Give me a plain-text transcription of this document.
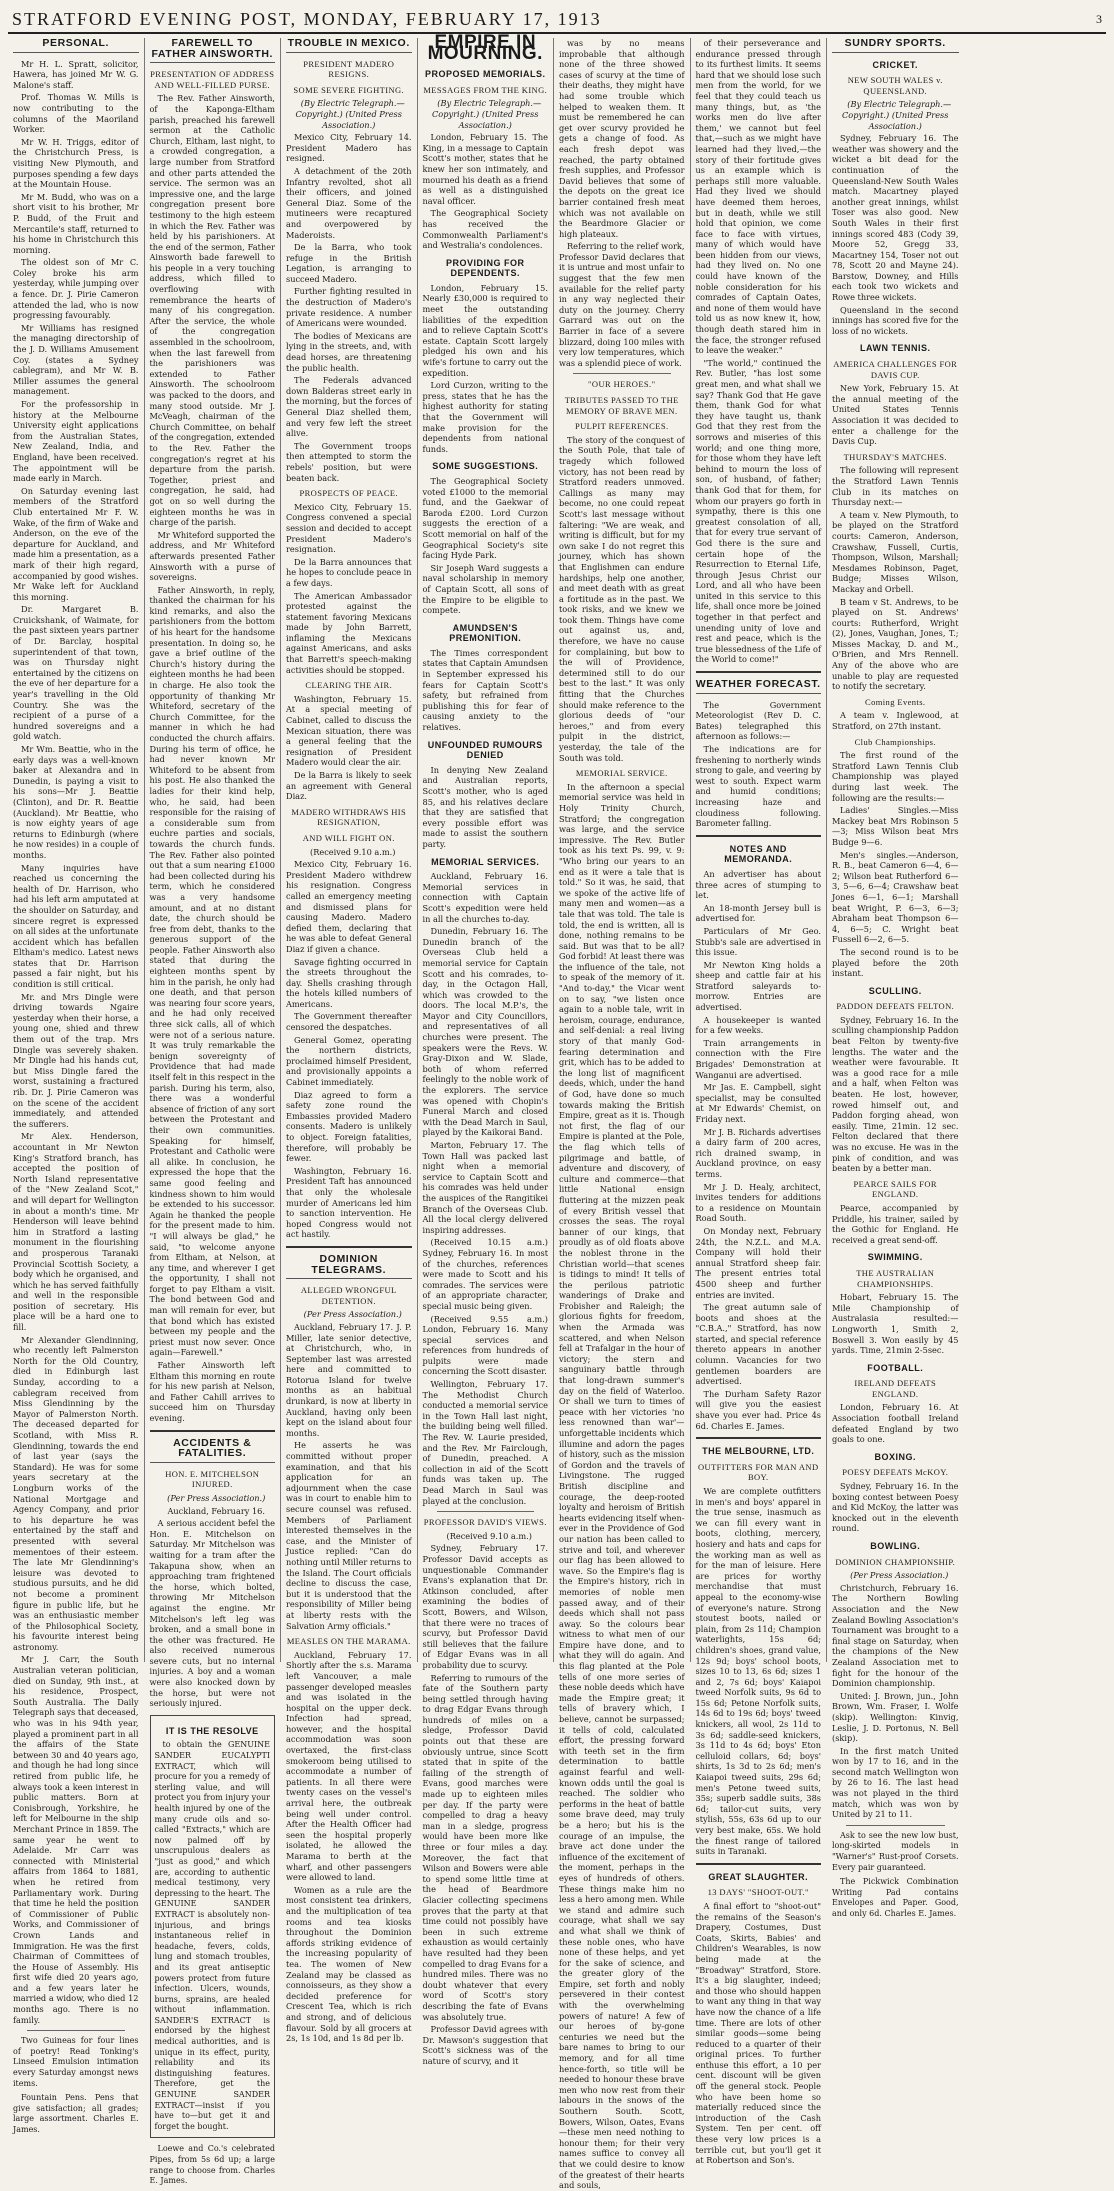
STRATFORD EVENING POST, MONDAY, FEBRUARY 17, 1913	3
PERSONAL.

Mr H. L. Spratt, solicitor, Hawera, has joined Mr W. G. Malone's staff.

Prof. Thomas W. Mills is now contributing to the columns of the Maoriland Worker.

Mr W. H. Triggs, editor of the Christchurch Press, is visiting New Plymouth, and purposes spending a few days at the Mountain House.

Mr M. Budd, who was on a short visit to his brother, Mr P. Budd, of the Fruit and Mercantile's staff, returned to his home in Christchurch this morning.

The oldest son of Mr C. Coley broke his arm yesterday, while jumping over a fence. Dr. J. Pirie Cameron attended the lad, who is now progressing favourably.

Mr Williams has resigned the managing directorship of the J. D. Williams Amusement Coy. (states a Sydney cablegram), and Mr W. B. Miller assumes the general management.

For the professorship in history at the Melbourne University eight applications from the Australian States, New Zealand, India, and England, have been received. The appointment will be made early in March.

On Saturday evening last members of the Stratford Club entertained Mr F. W. Wake, of the firm of Wake and Anderson, on the eve of the departure for Auckland, and made him a presentation, as a mark of their high regard, accompanied by good wishes. Mr Wake left for Auckland this morning.

Dr. Margaret B. Cruickshank, of Waimate, for the past sixteen years partner of Dr. Barclay, hospital superintendent of that town, was on Thursday night entertained by the citizens on the eve of her departure for a year's travelling in the Old Country. She was the recipient of a purse of a hundred sovereigns and a gold watch.

Mr Wm. Beattie, who in the early days was a well-known baker at Alexandra and in Dunedin, is paying a visit to his sons—Mr J. Beattie (Clinton), and Dr. R. Beattie (Auckland). Mr Beattie, who is now eighty years of age returns to Edinburgh (where he now resides) in a couple of months.

Many inquiries have reached us concerning the health of Dr. Harrison, who had his left arm amputated at the shoulder on Saturday, and sincere regret is expressed on all sides at the unfortunate accident which has befallen Eltham's medico. Latest news states that Dr. Harrison passed a fair night, but his condition is still critical.

Mr. and Mrs Dingle were driving towards Ngaire yesterday when their horse, a young one, shied and threw them out of the trap. Mrs Dingle was severely shaken. Mr Dingle had his hands cut, but Miss Dingle fared the worst, sustaining a fractured rib. Dr. J. Pirie Cameron was on the scene of the accident immediately, and attended the sufferers.

Mr Alex. Henderson, accountant in Mr Newton King's Stratford branch, has accepted the position of North Island representative of the "New Zealand Scot," and will depart for Wellington in about a month's time. Mr Henderson will leave behind him in Stratford a lasting monument in the flourishing and prosperous Taranaki Provincial Scottish Society, a body which he organised, and which he has served faithfully and well in the responsible position of secretary. His place will be a hard one to fill.

Mr Alexander Glendinning, who recently left Palmerston North for the Old Country, died in Edinburgh last Sunday, according to a cablegram received from Miss Glendinning by the Mayor of Palmerston North. The deceased departed for Scotland, with Miss R. Glendinning, towards the end of last year (says the Standard). He was for some years secretary at the Longburn works of the National Mortgage and Agency Company, and prior to his departure he was entertained by the staff and presented with several mementoes of their esteem. The late Mr Glendinning's leisure was devoted to studious pursuits, and he did not become a prominent figure in public life, but he was an enthusiastic member of the Philosophical Society, his favourite interest being astronomy.

Mr J. Carr, the South Australian veteran politician, died on Sunday, 9th inst., at his residence, Prospect, South Australia. The Daily Telegraph says that deceased, who was in his 94th year, played a prominent part in all the affairs of the State between 30 and 40 years ago, and though he had long since retired from public life, he always took a keen interest in public matters. Born at Conisbrough, Yorkshire, he left for Melbourne in the ship Merchant Prince in 1859. The same year he went to Adelaide. Mr Carr was connected with Ministerial affairs from 1864 to 1881, when he retired from Parliamentary work. During that time he held the position of Commissioner of Public Works, and Commissioner of Crown Lands and Immigration. He was the first Chairman of Committees of the House of Assembly. His first wife died 20 years ago, and a few years later he married a widow, who died 12 months ago. There is no family.

Two Guineas for four lines of poetry! Read Tonking's Linseed Emulsion intimation every Saturday amongst news items.

Fountain Pens. Pens that give satisfaction; all grades; large assortment. Charles E. James.

FAREWELL TO FATHER AINSWORTH.
PRESENTATION OF ADDRESS AND WELL-FILLED PURSE.

The Rev. Father Ainsworth, of the Kaponga-Eltham parish, preached his farewell sermon at the Catholic Church, Eltham, last night, to a crowded congregation, a large number from Stratford and other parts attended the service. The sermon was an impressive one, and the large congregation present bore testimony to the high esteem in which the Rev. Father was held by his parishioners. At the end of the sermon, Father Ainsworth bade farewell to his people in a very touching address, which filled to overflowing with remembrance the hearts of many of his congregation. After the service, the whole of the congregation assembled in the schoolroom, when the last farewell from the parishioners was extended to Father Ainsworth. The schoolroom was packed to the doors, and many stood outside. Mr J. McVeagh, chairman of the Church Committee, on behalf of the congregation, extended to the Rev. Father the congregation's regret at his departure from the parish. Together, priest and congregation, he said, had got on so well during the eighteen months he was in charge of the parish.

Mr Whiteford supported the address, and Mr Whiteford afterwards presented Father Ainsworth with a purse of sovereigns.

Father Ainsworth, in reply, thanked the chairman for his kind remarks, and also the parishioners from the bottom of his heart for the handsome presentation. In doing so, he gave a brief outline of the Church's history during the eighteen months he had been in charge. He also took the opportunity of thanking Mr Whiteford, secretary of the Church Committee, for the manner in which he had conducted the church affairs. During his term of office, he had never known Mr Whiteford to be absent from his post. He also thanked the ladies for their kind help, who, he said, had been responsible for the raising of a considerable sum from euchre parties and socials, towards the church funds. The Rev. Father also pointed out that a sum nearing £1000 had been collected during his term, which he considered was a very handsome amount, and at no distant date, the church should be free from debt, thanks to the generous support of the people. Father Ainsworth also stated that during the eighteen months spent by him in the parish, he only had one death, and that person was nearing four score years, and he had only received three sick calls, all of which were not of a serious nature. It was truly remarkable the benign sovereignty of Providence that had made itself felt in this respect in the parish. During his term, also, there was a wonderful absence of friction of any sort between the Protestant and their own communities. Speaking for himself, Protestant and Catholic were all alike. In conclusion, he expressed the hope that the same good feeling and kindness shown to him would be extended to his successor. Again he thanked the people for the present made to him. "I will always be glad," he said, "to welcome anyone from Eltham, at Nelson, at any time, and wherever I get the opportunity, I shall not forget to pay Eltham a visit. The bond between God and man will remain for ever, but that bond which has existed between my people and the priest must now sever. Once again—Farewell."

Father Ainsworth left Eltham this morning en route for his new parish at Nelson, and Father Cahill arrives to succeed him on Thursday evening.

ACCIDENTS & FATALITIES.
HON. E. MITCHELSON INJURED.

(Per Press Association.)

Auckland, February 16.

A serious accident befel the Hon. E. Mitchelson on Saturday. Mr Mitchelson was waiting for a tram after the Takapuna show, when an approaching tram frightened the horse, which bolted, throwing Mr Mitchelson against the engine. Mr Mitchelson's left leg was broken, and a small bone in the other was fractured. He also received numerous severe cuts, but no internal injuries. A boy and a woman were also knocked down by the horse, but were not seriously injured.

IT IS THE RESOLVE

to obtain the GENUINE SANDER EUCALYPTI EXTRACT, which will procure for you a remedy of sterling value, and will protect you from injury your health injured by one of the many crude oils and so-called "Extracts," which are now palmed off by unscrupulous dealers as "just as good," and which are, according to authentic medical testimony, very depressing to the heart. The GENUINE SANDER EXTRACT is absolutely non-injurious, and brings instantaneous relief in headache, fevers, colds, lung and stomach troubles, and its great antiseptic powers protect from future infection. Ulcers, wounds, burns, sprains, are healed without inflammation. SANDER'S EXTRACT is endorsed by the highest medical authorities, and is unique in its effect, purity, reliability and its distinguishing features. Therefore, get the GENUINE SANDER EXTRACT—insist if you have to—but get it and forget the bought.

Loewe and Co.'s celebrated Pipes, from 5s 6d up; a large range to choose from. Charles E. James.

TROUBLE IN MEXICO.
PRESIDENT MADERO RESIGNS.
SOME SEVERE FIGHTING.

(By Electric Telegraph.—Copyright.) (United Press Association.)

Mexico City, February 14. President Madero has resigned.

A detachment of the 20th Infantry revolted, shot all their officers, and joined General Diaz. Some of the mutineers were recaptured and overpowered by Maderoists.

De la Barra, who took refuge in the British Legation, is arranging to succeed Madero.

Further fighting resulted in the destruction of Madero's private residence. A number of Americans were wounded.

The bodies of Mexicans are lying in the streets, and, with dead horses, are threatening the public health.

The Federals advanced down Balderas street early in the morning, but the forces of General Diaz shelled them, and very few left the street alive.

The Government troops then attempted to storm the rebels' position, but were beaten back.

PROSPECTS OF PEACE.

Mexico City, February 15. Congress convened a special session and decided to accept President Madero's resignation.

De la Barra announces that he hopes to conclude peace in a few days.

The American Ambassador protested against the statement favoring Mexicans made by John Barrett, inflaming the Mexicans against Americans, and asks that Barrett's speech-making activities should be stopped.

CLEARING THE AIR.

Washington, February 15. At a special meeting of Cabinet, called to discuss the Mexican situation, there was a general feeling that the resignation of President Madero would clear the air.

De la Barra is likely to seek an agreement with General Diaz.

MADERO WITHDRAWS HIS RESIGNATION,
AND WILL FIGHT ON.

(Received 9.10 a.m.)

Mexico City, February 16. President Madero withdrew his resignation. Congress called an emergency meeting and dismissed plans for causing Madero. Madero defied them, declaring that he was able to defeat General Diaz if given a chance.

Savage fighting occurred in the streets throughout the day. Shells crashing through the hotels killed numbers of Americans.

The Government thereafter censored the despatches.

General Gomez, operating the northern districts, proclaimed himself President, and provisionally appoints a Cabinet immediately.

Diaz agreed to form a safety zone round the Embassies provided Madero consents. Madero is unlikely to object. Foreign fatalities, therefore, will probably be fewer.

Washington, February 16. President Taft has announced that only the wholesale murder of Americans led him to sanction intervention. He hoped Congress would not act hastily.

DOMINION TELEGRAMS.
ALLEGED WRONGFUL DETENTION.

(Per Press Association.)

Auckland, February 17. J. P. Miller, late senior detective, at Christchurch, who, in September last was arrested here and committed to Rotorua Island for twelve months as an habitual drunkard, is now at liberty in Auckland, having only been kept on the island about four months.

He asserts he was committed without proper examination, and that his application for an adjournment when the case was in court to enable him to secure counsel was refused. Members of Parliament interested themselves in the case, and the Minister of Justice replied: "Can do nothing until Miller returns to the Island. The Court officials decline to discuss the case, but it is understood that the responsibility of Miller being at liberty rests with the Salvation Army officials."

MEASLES ON THE MARAMA.

Auckland, February 17. Shortly after the s.s. Marama left Vancouver, a male passenger developed measles and was isolated in the hospital on the upper deck. Infection had spread, however, and the hospital accommodation was soon overtaxed, the first-class smokeroom being utilised to accommodate a number of patients. In all there were twenty cases on the vessel's arrival here, the outbreak being well under control. After the Health Officer had seen the hospital properly isolated, he allowed the Marama to berth at the wharf, and other passengers were allowed to land.

Women as a rule are the most consistent tea drinkers, and the multiplication of tea rooms and tea kiosks throughout the Dominion affords striking evidence of the increasing popularity of tea. The women of New Zealand may be classed as connoisseurs, as they show a decided preference for Crescent Tea, which is rich and strong, and of delicious flavour. Sold by all grocers at 2s, 1s 10d, and 1s 8d per lb.

EMPIRE IN MOURNING.
PROPOSED MEMORIALS.
MESSAGES FROM THE KING.

(By Electric Telegraph.—Copyright.) (United Press Association.)

London, February 15. The King, in a message to Captain Scott's mother, states that he knew her son intimately, and mourned his death as a friend as well as a distinguished naval officer.

The Geographical Society has received the Commonwealth Parliament's and Westralia's condolences.

PROVIDING FOR DEPENDENTS.

London, February 15. Nearly £30,000 is required to meet the outstanding liabilities of the expedition and to relieve Captain Scott's estate. Captain Scott largely pledged his own and his wife's fortune to carry out the expedition.

Lord Curzon, writing to the press, states that he has the highest authority for stating that the Government will make provision for the dependents from national funds.

SOME SUGGESTIONS.

The Geographical Society voted £1000 to the memorial fund, and the Gaekwar of Baroda £200. Lord Curzon suggests the erection of a Scott memorial on half of the Geographical Society's site facing Hyde Park.

Sir Joseph Ward suggests a naval scholarship in memory of Captain Scott, all sons of the Empire to be eligible to compete.

AMUNDSEN'S PREMONITION.

The Times correspondent states that Captain Amundsen in September expressed his fears for Captain Scott's safety, but refrained from publishing this for fear of causing anxiety to the relatives.

UNFOUNDED RUMOURS DENIED

In denying New Zealand and Australian reports, Scott's mother, who is aged 85, and his relatives declare that they are satisfied that every possible effort was made to assist the southern party.

MEMORIAL SERVICES.

Auckland, February 16. Memorial services in connection with Captain Scott's expedition were held in all the churches to-day.

Dunedin, February 16. The Dunedin branch of the Overseas Club held a memorial service for Captain Scott and his comrades, to-day, in the Octagon Hall, which was crowded to the doors. The local M.P.'s, the Mayor and City Councillors, and representatives of all churches were present. The speakers were the Revs. W. Gray-Dixon and W. Slade, both of whom referred feelingly to the noble work of the explorers. The service was opened with Chopin's Funeral March and closed with the Dead March in Saul, played by the Kaikorai Band.

Marton, February 17. The Town Hall was packed last night when a memorial service to Captain Scott and his comrades was held under the auspices of the Rangitikei Branch of the Overseas Club. All the local clergy delivered inspiring addresses.

(Received 10.15 a.m.) Sydney, February 16. In most of the churches, references were made to Scott and his comrades. The services were of an appropriate character, special music being given.

(Received 9.55 a.m.) London, February 16. Many special services and references from hundreds of pulpits were made concerning the Scott disaster.

Wellington, February 17. The Methodist Church conducted a memorial service in the Town Hall last night, the building being well filled. The Rev. W. Laurie presided, and the Rev. Mr Fairclough, of Dunedin, preached. A collection in aid of the Scott funds was taken up. The Dead March in Saul was played at the conclusion.

PROFESSOR DAVID'S VIEWS.

(Received 9.10 a.m.)

Sydney, February 17. Professor David accepts as unquestionable Commander Evans's explanation that Dr. Atkinson concluded, after examining the bodies of Scott, Bowers, and Wilson, that there were no traces of scurvy, but Professor David still believes that the failure of Edgar Evans was in all probability due to scurvy.

Referring to rumours of the fate of the Southern party being settled through having to drag Edgar Evans through hundreds of miles on a sledge, Professor David points out that these are obviously untrue, since Scott stated that in spite of the failing of the strength of Evans, good marches were made up to eighteen miles per day. If the party were compelled to drag a heavy man in a sledge, progress would have been more like three or four miles a day. Moreover, the fact that Wilson and Bowers were able to spend some little time at the head of Beardmore Glacier collecting specimens proves that the party at that time could not possibly have been in such extreme exhaustion as would certainly have resulted had they been compelled to drag Evans for a hundred miles. There was no doubt whatever that every word of Scott's story describing the fate of Evans was absolutely true.

Professor David agrees with Dr. Mawson's suggestion that Scott's sickness was of the nature of scurvy, and it

was by no means improbable that although none of the three showed cases of scurvy at the time of their deaths, they might have had some trouble which helped to weaken them. It must be remembered he can get over scurvy provided he gets a change of food. As each fresh depot was reached, the party obtained fresh supplies, and Professor David believes that some of the depots on the great ice barrier contained fresh meat which was not available on the Beardmore Glacier or high plateaux.

Referring to the relief work, Professor David declares that it is untrue and most unfair to suggest that the few men available for the relief party in any way neglected their duty on the journey. Cherry Garrard was out on the Barrier in face of a severe blizzard, doing 100 miles with very low temperatures, which was a splendid piece of work.

"OUR HEROES."
TRIBUTES PASSED TO THE MEMORY OF BRAVE MEN.
PULPIT REFERENCES.

The story of the conquest of the South Pole, that tale of tragedy which followed victory, has not been read by Stratford readers unmoved. Callings as many may become, no one could repeat Scott's last message without faltering: "We are weak, and writing is difficult, but for my own sake I do not regret this journey, which has shown that Englishmen can endure hardships, help one another, and meet death with as great a fortitude as in the past. We took risks, and we knew we took them. Things have come out against us, and, therefore, we have no cause for complaining, but bow to the will of Providence, determined still to do our best to the last." It was only fitting that the Churches should make reference to the glorious deeds of "our heroes," and from every pulpit in the district, yesterday, the tale of the South was told.

MEMORIAL SERVICE.

In the afternoon a special memorial service was held in Holy Trinity Church, Stratford; the congregation was large, and the service impressive. The Rev. Butler took as his text Ps. 99, v. 9: "Who bring our years to an end as it were a tale that is told." So it was, he said, that we spoke of the active life of many men and women—as a tale that was told. The tale is told, the end is written, all is done, nothing remains to be said. But was that to be all? God forbid! At least there was the influence of the tale, not to speak of the memory of it. "And to-day," the Vicar went on to say, "we listen once again to a noble tale, writ in heroism, courage, endurance, and self-denial: a real living story of that manly God-fearing determination and grit, which has to be added to the long list of magnificent deeds, which, under the hand of God, have done so much towards making the British Empire, great as it is. Though not first, the flag of our Empire is planted at the Pole, the flag which tells of pilgrimage and battle, of adventure and discovery, of culture and commerce—that little National ensign fluttering at the mizzen peak of every British vessel that crosses the seas. The royal banner of our kings, that proudly as of old floats above the noblest throne in the Christian world—that scenes is tidings to mind! It tells of the perilous patriotic wanderings of Drake and Frobisher and Raleigh; the glorious fights for freedom, when the Armada was scattered, and when Nelson fell at Trafalgar in the hour of victory; the stern and sanguinary battle through that long-drawn summer's day on the field of Waterloo. Or shall we turn to times of peace with her victories 'no less renowned than war'—unforgettable incidents which illumine and adorn the pages of history, such as the mission of Gordon and the travels of Livingstone. The rugged British discipline and courage, the deep-rooted loyalty and heroism of British hearts evidencing itself when-ever in the Providence of God our nation has been called to strive and toil, and wherever our flag has been allowed to wave. So the Empire's flag is the Empire's history, rich in memories of noble men passed away, and of their deeds which shall not pass away. So the colours bear witness to what men of our Empire have done, and to what they will do again. And this flag planted at the Pole tells of one more series of these noble deeds which have made the Empire great; it tells of bravery which, I believe, cannot be surpassed; it tells of cold, calculated effort, the pressing forward with teeth set in the firm determination to battle against fearful and well-known odds until the goal is reached. The soldier who performs in the heat of battle some brave deed, may truly be a hero; but his is the courage of an impulse, the brave act done under the influence of the excitement of the moment, perhaps in the eyes of hundreds of others. These things make him no less a hero among men. While we stand and admire such courage, what shall we say and what shall we think of these noble ones, who have none of these helps, and yet for the sake of science, and the greater glory of the Empire, set forth and nobly persevered in their contest with the overwhelming powers of nature! A few of our heroes of by-gone centuries we need but the bare names to bring to our memory, and for all time hence-forth, so title will be needed to honour these brave men who now rest from their labours in the snows of the Southern South. Scott, Bowers, Wilson, Oates, Evans—these men need nothing to honour them; for their very names suffice to convey all that we could desire to know of the greatest of their hearts and souls,

of their perseverance and endurance pressed through to its furthest limits. It seems hard that we should lose such men from the world, for we feel that they could teach us many things, but, as 'the works men do live after them,' we cannot but feel that,—such as we might have learned had they lived,—the story of their fortitude gives us an example which is perhaps still more valuable. Had they lived we should have deemed them heroes, but in death, while we still hold that opinion, we come face to face with virtues, many of which would have been hidden from our views, had they lived on. No one could have known of the noble consideration for his comrades of Captain Oates, and none of them would have told us as now knew it, how, though death stared him in the face, the stronger refused to leave the weaker."

"The world," continued the Rev. Butler, "has lost some great men, and what shall we say? Thank God that He gave them, thank God for what they have taught us, thank God that they rest from the sorrows and miseries of this world; and one thing more, for those whom they have left behind to mourn the loss of son, of husband, of father; thank God that for them, for whom our prayers go forth in sympathy, there is this one greatest consolation of all, that for every true servant of God there is the sure and certain hope of the Resurrection to Eternal Life, through Jesus Christ our Lord, and all who have been united in this service to this life, shall once more be joined together in that perfect and unending unity of love and rest and peace, which is the true blessedness of the Life of the World to come!"

WEATHER FORECAST.

The Government Meteorologist (Rev D. C. Bates) telegraphed this afternoon as follows:—

The indications are for freshening to northerly winds strong to gale, and veering by west to south. Expect warm and humid conditions; increasing haze and cloudiness following. Barometer falling.

NOTES AND MEMORANDA.

An advertiser has about three acres of stumping to let.

An 18-month Jersey bull is advertised for.

Particulars of Mr Geo. Stubb's sale are advertised in this issue.

Mr Newton King holds a sheep and cattle fair at his Stratford saleyards to-morrow. Entries are advertised.

A housekeeper is wanted for a few weeks.

Train arrangements in connection with the Fire Brigades' Demonstration at Wanganui are advertised.

Mr Jas. E. Campbell, sight specialist, may be consulted at Mr Edwards' Chemist, on Friday next.

Mr J. B. Richards advertises a dairy farm of 200 acres, rich drained swamp, in Auckland province, on easy terms.

Mr J. D. Healy, architect, invites tenders for additions to a residence on Mountain Road South.

On Monday next, February 24th, the N.Z.L. and M.A. Company will hold their annual Stratford sheep fair. The present entries total 4500 sheep and further entries are invited.

The great autumn sale of boots and shoes at the "C.B.A.," Stratford, has now started, and special reference thereto appears in another column. Vacancies for two gentlemen boarders are advertised.

The Durham Safety Razor will give you the easiest shave you ever had. Price 4s 6d. Charles E. James.

THE MELBOURNE, LTD.
OUTFITTERS FOR MAN AND BOY.

We are complete outfitters in men's and boys' apparel in the true sense, inasmuch as we can fill every want in boots, clothing, mercery, hosiery and hats and caps for the working man as well as for the man of leisure. Here are prices for worthy merchandise that must appeal to the economy-wise of everyone's nature. Strong stoutest boots, nailed or plain, from 2s 11d; Champion waterlights, 15s 6d; children's shoes, grand value, 12s 9d; boys' school boots, sizes 10 to 13, 6s 6d; sizes 1 and 2, 7s 6d; boys' Kaiapoi tweed Norfolk suits, 9s 6d to 15s 6d; Petone Norfolk suits, 14s 6d to 19s 6d; boys' tweed knickers, all wool, 2s 11d to 3s 6d; saddle-seed knickers, 3s 11d to 4s 6d; boys' Eton celluloid collars, 6d; boys' shirts, 1s 3d to 2s 6d; men's Kaiapoi tweed suits, 29s 6d; men's Petone tweed suits, 35s; superb saddle suits, 38s 6d; tailor-cut suits, very stylish, 55s, 63s 6d up to our very best make, 65s. We hold the finest range of tailored suits in Taranaki.

GREAT SLAUGHTER.
13 DAYS' "SHOOT-OUT."

A final effort to "shoot-out" the remains of the Season's Drapery, Costumes, Dust Coats, Skirts, Babies' and Children's Wearables, is now being made at the "Broadway" Stratford, Store. It's a big slaughter, indeed; and those who should happen to want any thing in that way have now the chance of a life time. There are lots of other similar goods—some being reduced to a quarter of their original prices. To further enthuse this effort, a 10 per cent. discount will be given off the general stock. People who have been home so materially reduced since the introduction of the Cash System. Ten per cent. off these very low prices is a terrible cut, but you'll get it at Robertson and Son's.

SUNDRY SPORTS.
CRICKET.
NEW SOUTH WALES v. QUEENSLAND.

(By Electric Telegraph.—Copyright.) (United Press Association.)

Sydney, February 16. The weather was showery and the wicket a bit dead for the continuation of the Queensland-New South Wales match. Macartney played another great innings, whilst Toser was also good. New South Wales in their first innings scored 483 (Cody 39, Moore 52, Gregg 33, Macartney 154, Toser not out 78, Scott 20 and Mayne 24). Barstow, Downey, and Hills each took two wickets and Rowe three wickets.

Queensland in the second innings has scored five for the loss of no wickets.

LAWN TENNIS.
AMERICA CHALLENGES FOR DAVIS CUP.

New York, February 15. At the annual meeting of the United States Tennis Association it was decided to enter a challenge for the Davis Cup.

THURSDAY'S MATCHES.

The following will represent the Stratford Lawn Tennis Club in its matches on Thursday next:—

A team v. New Plymouth, to be played on the Stratford courts: Cameron, Anderson, Crawshaw, Fussell, Curtis, Thompson, Wilson, Marshall; Mesdames Robinson, Paget, Budge; Misses Wilson, Mackay and Orbell.

B team v St. Andrews, to be played on St. Andrews' courts: Rutherford, Wright (2), Jones, Vaughan, Jones, T.; Misses Mackay, D. and M., O'Brien, and Mrs Rennell. Any of the above who are unable to play are requested to notify the secretary.

Coming Events.

A team v. Inglewood, at Stratford, on 27th instant.

Club Championships.

The first round of the Stratford Lawn Tennis Club Championship was played during last week. The following are the results:—

Ladies' Singles.—Miss Mackey beat Mrs Robinson 5—3; Miss Wilson beat Mrs Budge 9—6.

Men's singles.—Anderson, R. B., beat Cameron 6—4, 6—2; Wilson beat Rutherford 6—3, 5—6, 6—4; Crawshaw beat Jones 6—1, 6—1; Marshall beat Wright, P. 6—3, 6—3; Abraham beat Thompson 6—4, 6—5; C. Wright beat Fussell 6—2, 6—5.

The second round is to be played before the 20th instant.

SCULLING.
PADDON DEFEATS FELTON.

Sydney, February 16. In the sculling championship Paddon beat Felton by twenty-five lengths. The water and the weather were favourable. It was a good race for a mile and a half, when Felton was beaten. He lost, however, rowed himself out, and Paddon forging ahead, won easily. Time, 21min. 12 sec. Felton declared that there was no excuse. He was in the pink of condition, and was beaten by a better man.

PEARCE SAILS FOR ENGLAND.

Pearce, accompanied by Priddle, his trainer, sailed by the Gothic for England. He received a great send-off.

SWIMMING.
THE AUSTRALIAN CHAMPIONSHIPS.

Hobart, February 15. The Mile Championship of Australasia resulted:—Longworth 1, Smith 2, Boswell 3. Won easily by 45 yards. Time, 21min 2-5sec.

FOOTBALL.
IRELAND DEFEATS ENGLAND.

London, February 16. At Association football Ireland defeated England by two goals to one.

BOXING.
POESY DEFEATS McKOY.

Sydney, February 16. In the boxing contest between Poesy and Kid McKoy, the latter was knocked out in the eleventh round.

BOWLING.
DOMINION CHAMPIONSHIP.

(Per Press Association.)

Christchurch, February 16. The Northern Bowling Association and the New Zealand Bowling Association's Tournament was brought to a final stage on Saturday, when the champions of the New Zealand Association met to fight for the honour of the Dominion championship.

United: J. Brown, jun., John Brown, Wm. Fraser, I. Wolfe (skip). Wellington: Kinvig, Leslie, J. D. Portonus, N. Bell (skip).

In the first match United won by 17 to 16, and in the second match Wellington won by 26 to 16. The last head was not played in the third match, which was won by United by 21 to 11.

Ask to see the new low bust, long-skirted models in "Warner's" Rust-proof Corsets. Every pair guaranteed.

The Pickwick Combination Writing Pad contains Envelopes and Paper. Good, and only 6d. Charles E. James.
